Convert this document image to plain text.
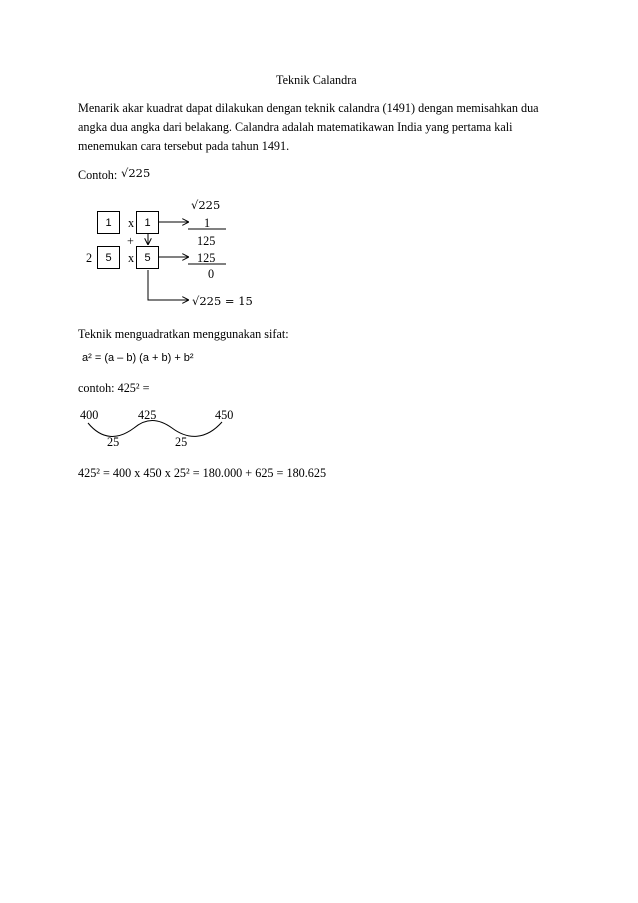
Teknik Calandra
Menarik akar kuadrat dapat dilakukan dengan teknik calandra (1491) dengan memisahkan dua angka dua angka dari belakang. Calandra adalah matematikawan India yang pertama kali menemukan cara tersebut pada tahun 1491.
Contoh: √225
√225
1	x 1
+
2	5	x 5
1
125
125
0
√225 = 15
Teknik menguadratkan menggunakan sifat:
a² = (a – b) (a + b) + b²
contoh: 425² =
400	425	450
25	25
425² = 400 x 450 x 25² = 180.000 + 625 = 180.625
